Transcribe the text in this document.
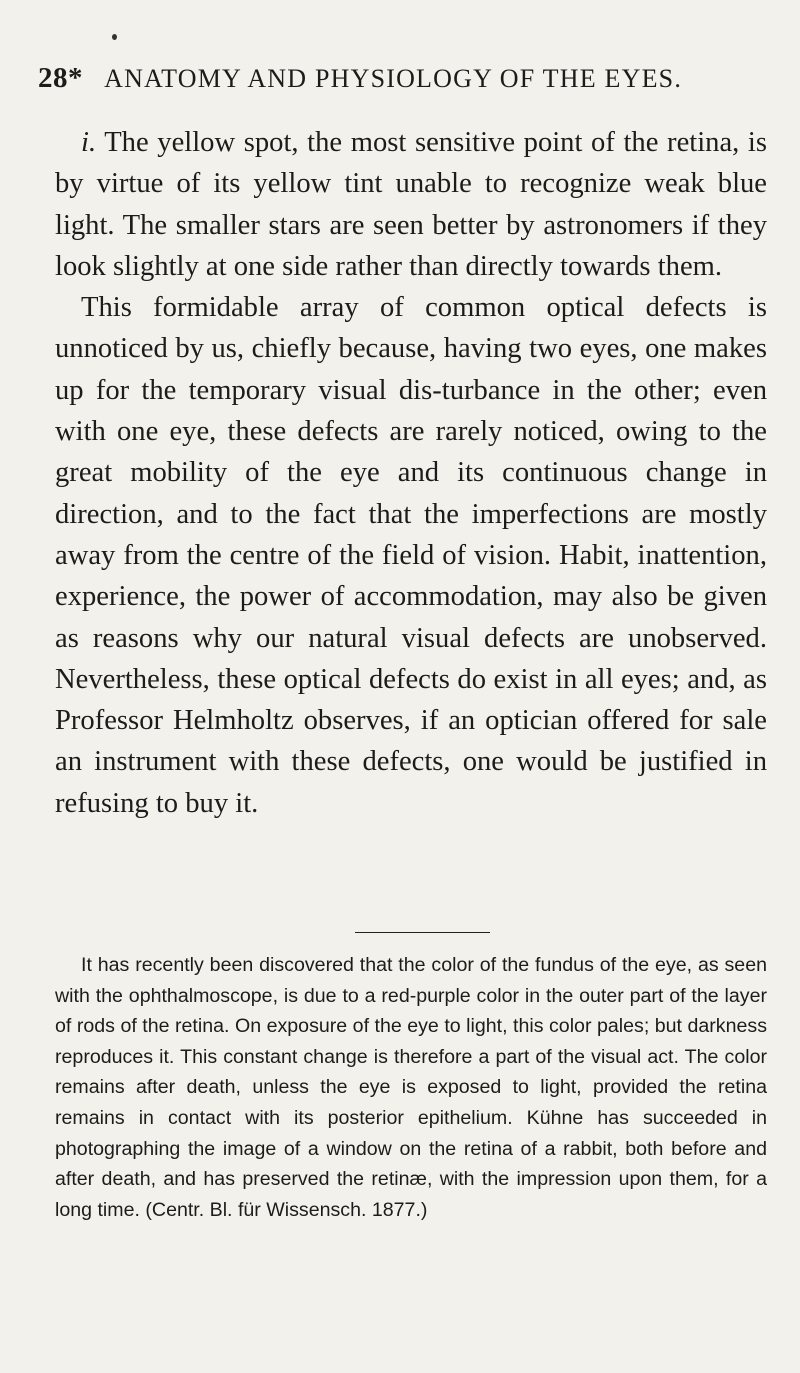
28* ANATOMY AND PHYSIOLOGY OF THE EYES.

i. The yellow spot, the most sensitive point of the retina, is by virtue of its yellow tint unable to recognize weak blue light. The smaller stars are seen better by astronomers if they look slightly at one side rather than directly towards them.

This formidable array of common optical defects is unnoticed by us, chiefly because, having two eyes, one makes up for the temporary visual dis-turbance in the other; even with one eye, these defects are rarely noticed, owing to the great mobility of the eye and its continuous change in direction, and to the fact that the imperfections are mostly away from the centre of the field of vision. Habit, inattention, experience, the power of accommodation, may also be given as reasons why our natural visual defects are unobserved. Nevertheless, these optical defects do exist in all eyes; and, as Professor Helmholtz observes, if an optician offered for sale an instrument with these defects, one would be justified in refusing to buy it.

It has recently been discovered that the color of the fundus of the eye, as seen with the ophthalmoscope, is due to a red-purple color in the outer part of the layer of rods of the retina. On exposure of the eye to light, this color pales; but darkness reproduces it. This constant change is therefore a part of the visual act. The color remains after death, unless the eye is exposed to light, provided the retina remains in contact with its posterior epithelium. Kühne has succeeded in photographing the image of a window on the retina of a rabbit, both before and after death, and has preserved the retinæ, with the impression upon them, for a long time. (Centr. Bl. für Wissensch. 1877.)
